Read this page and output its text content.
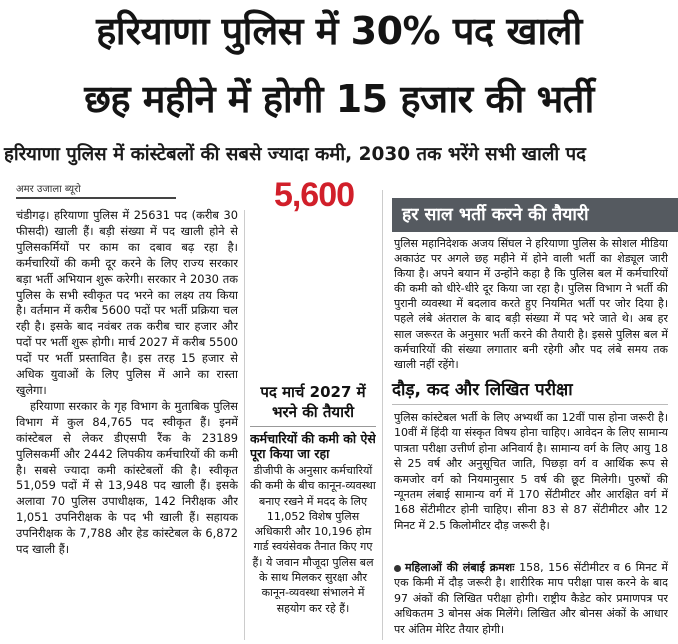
हरियाणा पुलिस में 30% पद खाली
छह महीने में होगी 15 हजार की भर्ती
हरियाणा पुलिस में कांस्टेबलों की सबसे ज्यादा कमी, 2030 तक भरेंगे सभी खाली पद
अमर उजाला ब्यूरो	5,600

चंडीगढ़। हरियाणा पुलिस में 25631 पद (करीब 30 फीसदी) खाली हैं। बड़ी संख्या में पद खाली होने से पुलिसकर्मियों पर काम का दबाव बढ़ रहा है। कर्मचारियों की कमी दूर करने के लिए राज्य सरकार बड़ा भर्ती अभियान शुरू करेगी। सरकार ने 2030 तक पुलिस के सभी स्वीकृत पद भरने का लक्ष्य तय किया है। वर्तमान में करीब 5600 पदों पर भर्ती प्रक्रिया चल रही है। इसके बाद नवंबर तक करीब चार हजार और पदों पर भर्ती शुरू होगी। मार्च 2027 में करीब 5500 पदों पर भर्ती प्रस्तावित है। इस तरह 15 हजार से अधिक युवाओं के लिए पुलिस में आने का रास्ता खुलेगा।

हरियाणा सरकार के गृह विभाग के मुताबिक पुलिस विभाग में कुल 84,765 पद स्वीकृत हैं। इनमें कांस्टेबल से लेकर डीएसपी रैंक के 23189 पुलिसकर्मी और 2442 लिपकीय कर्मचारियों की कमी है। सबसे ज्यादा कमी कांस्टेबलों की है। स्वीकृत 51,059 पदों में से 13,948 पद खाली हैं। इसके अलावा 70 पुलिस उपाधीक्षक, 142 निरीक्षक और 1,051 उपनिरीक्षक के पद भी खाली हैं। सहायक उपनिरीक्षक के 7,788 और हेड कांस्टेबल के 6,872 पद खाली हैं।

पद मार्च 2027 में भरने की तैयारी
कर्मचारियों की कमी को ऐसे पूरा किया जा रहा
डीजीपी के अनुसार कर्मचारियों की कमी के बीच कानून-व्यवस्था बनाए रखने में मदद के लिए 11,052 विशेष पुलिस अधिकारी और 10,196 होम गार्ड स्वयंसेवक तैनात किए गए हैं। ये जवान मौजूदा पुलिस बल के साथ मिलकर सुरक्षा और कानून-व्यवस्था संभालने में सहयोग कर रहे हैं।
हर साल भर्ती करने की तैयारी
पुलिस महानिदेशक अजय सिंघल ने हरियाणा पुलिस के सोशल मीडिया अकाउंट पर अगले छह महीने में होने वाली भर्ती का शेड्यूल जारी किया है। अपने बयान में उन्होंने कहा है कि पुलिस बल में कर्मचारियों की कमी को धीरे-धीरे दूर किया जा रहा है। पुलिस विभाग ने भर्ती की पुरानी व्यवस्था में बदलाव करते हुए नियमित भर्ती पर जोर दिया है। पहले लंबे अंतराल के बाद बड़ी संख्या में पद भरे जाते थे। अब हर साल जरूरत के अनुसार भर्ती करने की तैयारी है। इससे पुलिस बल में कर्मचारियों की संख्या लगातार बनी रहेगी और पद लंबे समय तक खाली नहीं रहेंगे।
दौड़, कद और लिखित परीक्षा
पुलिस कांस्टेबल भर्ती के लिए अभ्यर्थी का 12वीं पास होना जरूरी है। 10वीं में हिंदी या संस्कृत विषय होना चाहिए। आवेदन के लिए सामान्य पात्रता परीक्षा उत्तीर्ण होना अनिवार्य है। सामान्य वर्ग के लिए आयु 18 से 25 वर्ष और अनुसूचित जाति, पिछड़ा वर्ग व आर्थिक रूप से कमजोर वर्ग को नियमानुसार 5 वर्ष की छूट मिलेगी। पुरुषों की न्यूनतम लंबाई सामान्य वर्ग में 170 सेंटीमीटर और आरक्षित वर्ग में 168 सेंटीमीटर होनी चाहिए। सीना 83 से 87 सेंटीमीटर और 12 मिनट में 2.5 किलोमीटर दौड़ जरूरी है।
महिलाओं की लंबाई क्रमशः 158, 156 सेंटीमीटर व 6 मिनट में एक किमी में दौड़ जरूरी है। शारीरिक माप परीक्षा पास करने के बाद 97 अंकों की लिखित परीक्षा होगी। राष्ट्रीय कैडेट कोर प्रमाणपत्र पर अधिकतम 3 बोनस अंक मिलेंगे। लिखित और बोनस अंकों के आधार पर अंतिम मेरिट तैयार होगी।
